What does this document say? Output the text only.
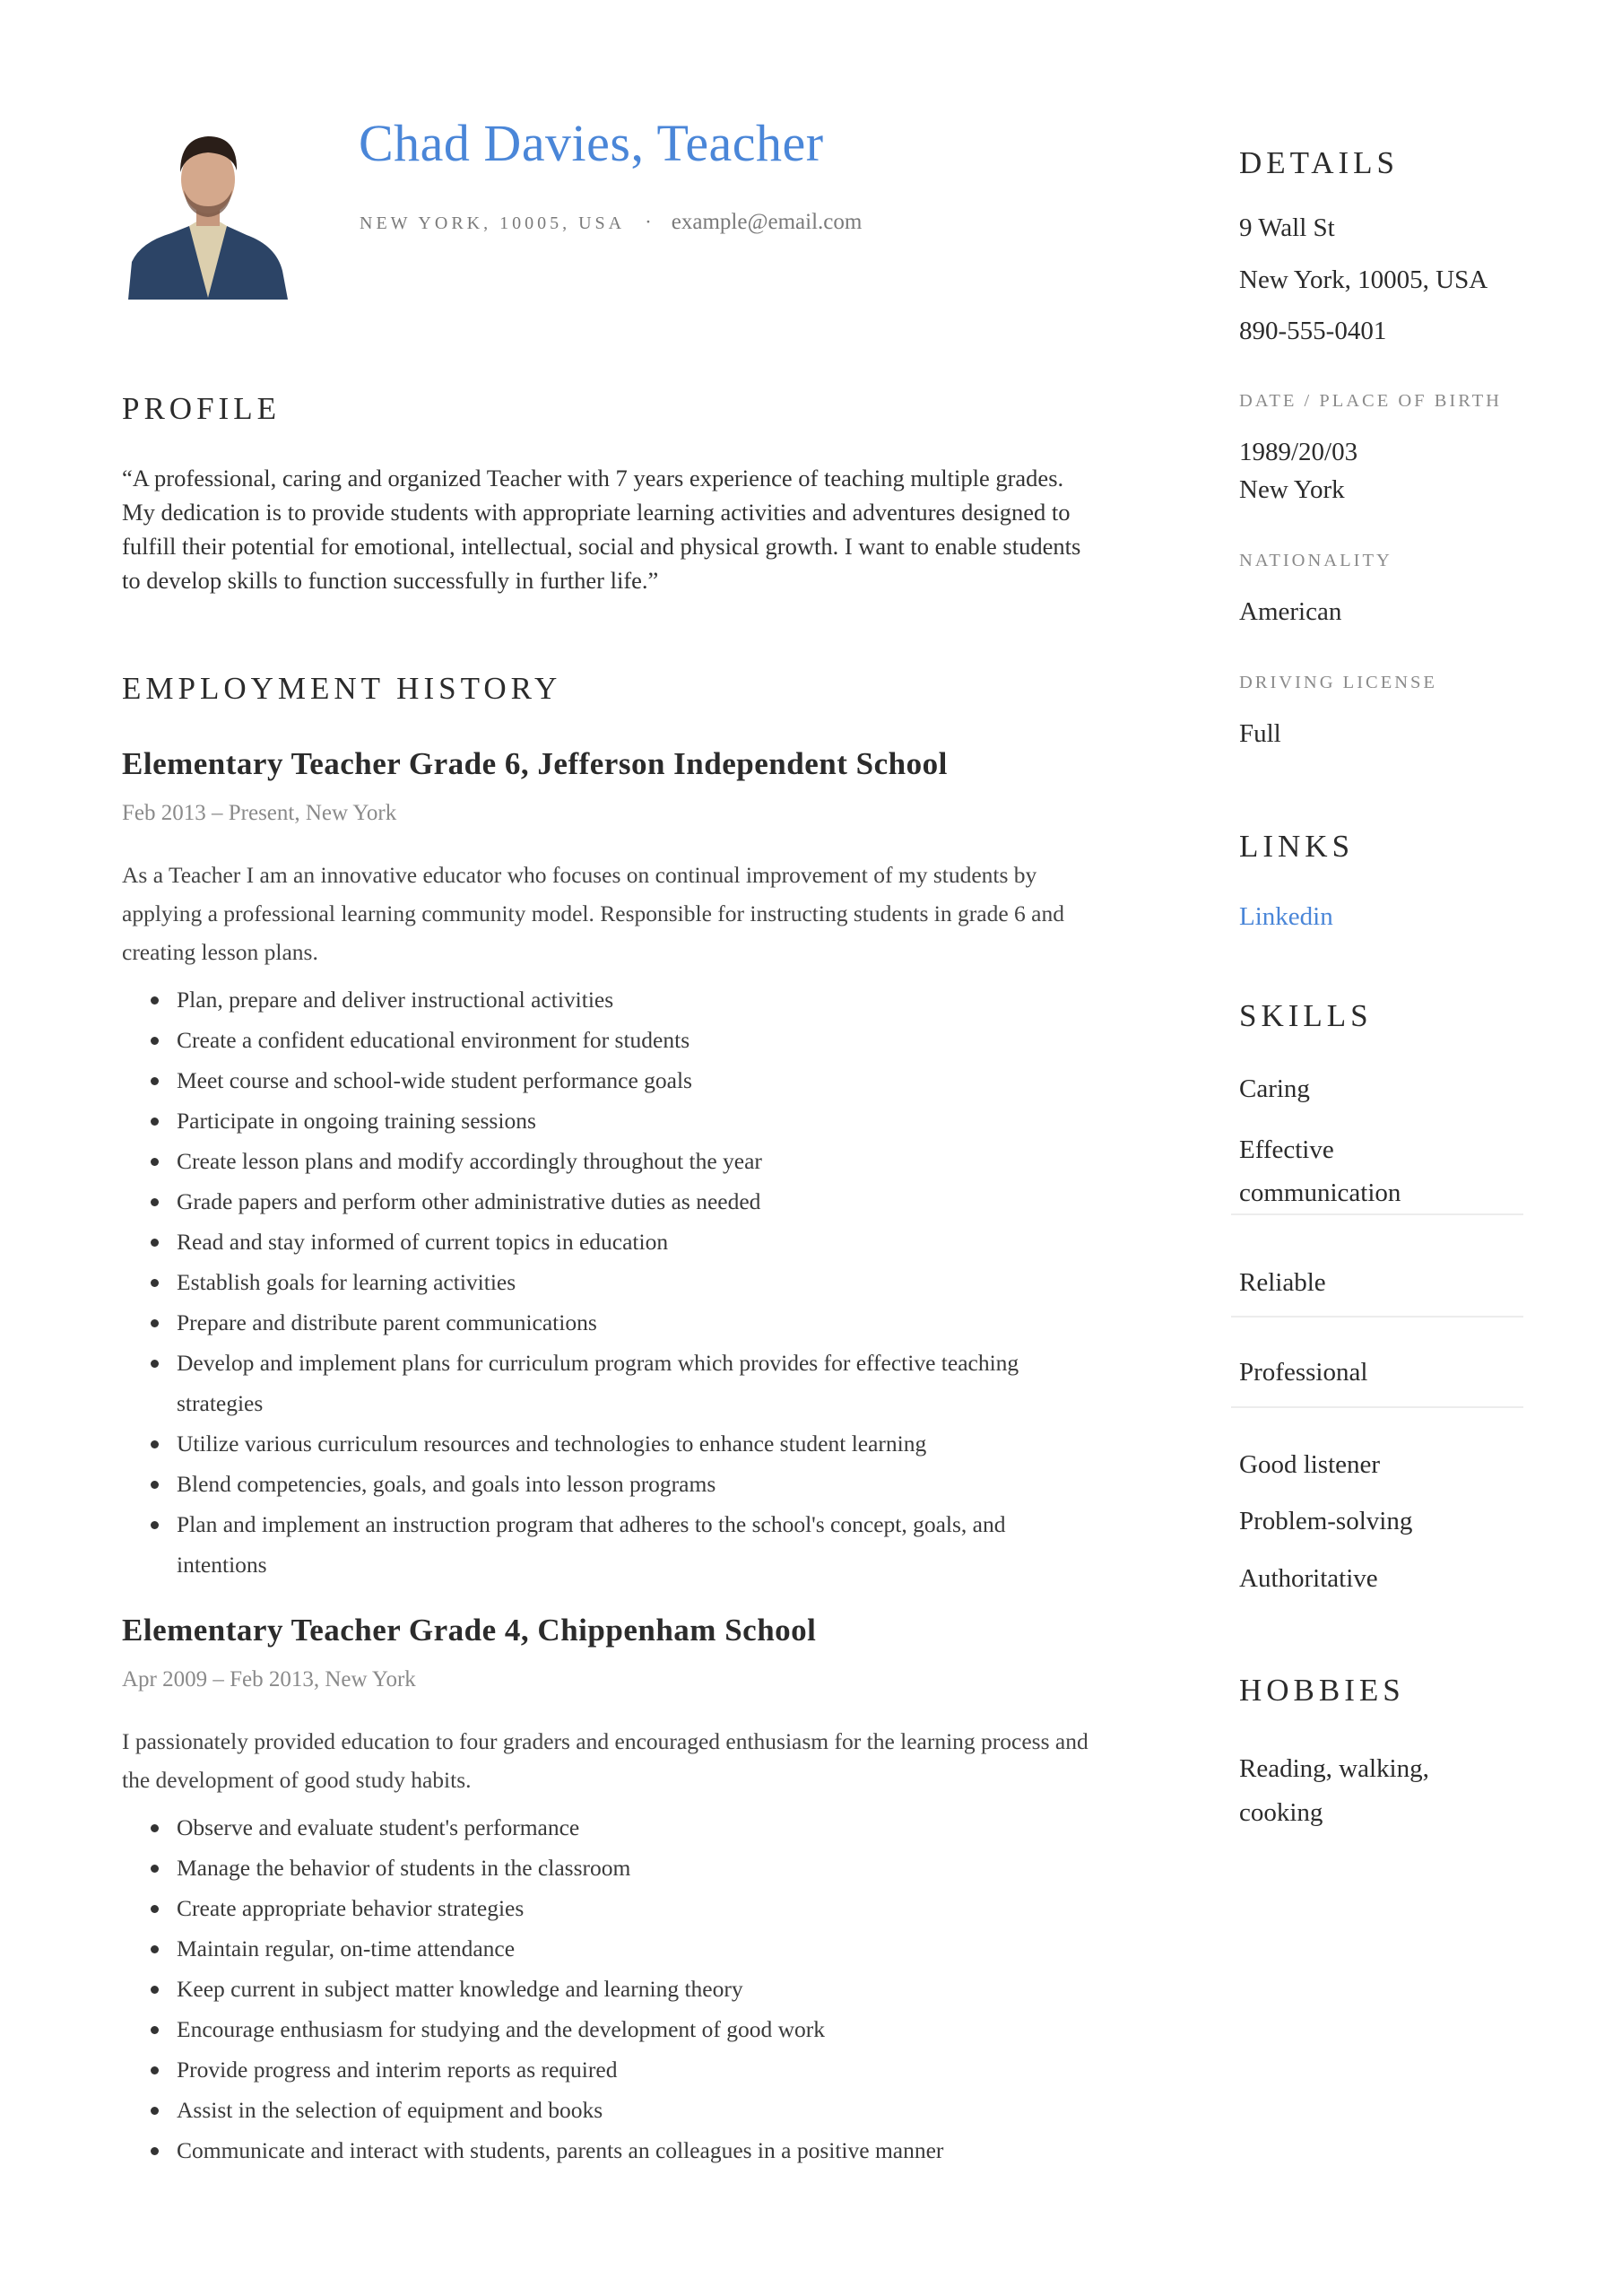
Chad Davies, Teacher
NEW YORK, 10005, USA · example@email.com
PROFILE
“A professional, caring and organized Teacher with 7 years experience of teaching multiple grades. My dedication is to provide students with appropriate learning activities and adventures designed to fulfill their potential for emotional, intellectual, social and physical growth. I want to enable students to develop skills to function successfully in further life.”
EMPLOYMENT HISTORY
Elementary Teacher Grade 6, Jefferson Independent School
Feb 2013 – Present, New York
As a Teacher I am an innovative educator who focuses on continual improvement of my students by applying a professional learning community model. Responsible for instructing students in grade 6 and creating lesson plans.
Plan, prepare and deliver instructional activities
Create a confident educational environment for students
Meet course and school-wide student performance goals
Participate in ongoing training sessions
Create lesson plans and modify accordingly throughout the year
Grade papers and perform other administrative duties as needed
Read and stay informed of current topics in education
Establish goals for learning activities
Prepare and distribute parent communications
Develop and implement plans for curriculum program which provides for effective teaching strategies
Utilize various curriculum resources and technologies to enhance student learning
Blend competencies, goals, and goals into lesson programs
Plan and implement an instruction program that adheres to the school's concept, goals, and intentions
Elementary Teacher Grade 4, Chippenham School
Apr 2009 – Feb 2013, New York
I passionately provided education to four graders and encouraged enthusiasm for the learning process and the development of good study habits.
Observe and evaluate student's performance
Manage the behavior of students in the classroom
Create appropriate behavior strategies
Maintain regular, on-time attendance
Keep current in subject matter knowledge and learning theory
Encourage enthusiasm for studying and the development of good work
Provide progress and interim reports as required
Assist in the selection of equipment and books
Communicate and interact with students, parents an colleagues in a positive manner
DETAILS
9 Wall St
New York, 10005, USA
890-555-0401
DATE / PLACE OF BIRTH
1989/20/03
New York
NATIONALITY
American
DRIVING LICENSE
Full
LINKS
Linkedin
SKILLS
Caring
Effective communication
Reliable
Professional
Good listener
Problem-solving
Authoritative
HOBBIES
Reading, walking, cooking
